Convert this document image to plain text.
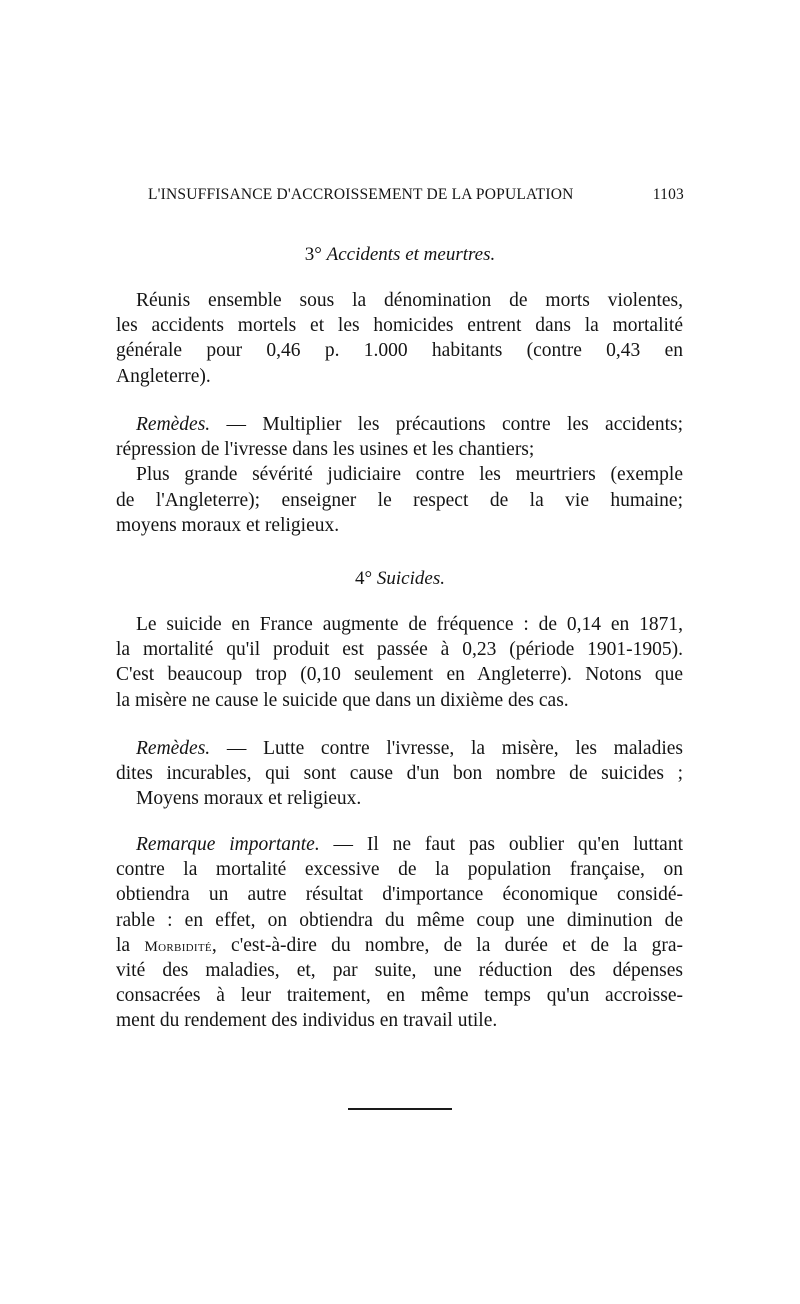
L'INSUFFISANCE D'ACCROISSEMENT DE LA POPULATION	1103
3° Accidents et meurtres.
Réunis ensemble sous la dénomination de morts violentes,
les accidents mortels et les homicides entrent dans la mortalité
générale pour 0,46 p. 1.000 habitants (contre 0,43 en
Angleterre).
Remèdes. — Multiplier les précautions contre les accidents;
répression de l'ivresse dans les usines et les chantiers;
Plus grande sévérité judiciaire contre les meurtriers (exemple
de l'Angleterre); enseigner le respect de la vie humaine;
moyens moraux et religieux.
4° Suicides.
Le suicide en France augmente de fréquence : de 0,14 en 1871,
la mortalité qu'il produit est passée à 0,23 (période 1901-1905).
C'est beaucoup trop (0,10 seulement en Angleterre). Notons que
la misère ne cause le suicide que dans un dixième des cas.
Remèdes. — Lutte contre l'ivresse, la misère, les maladies
dites incurables, qui sont cause d'un bon nombre de suicides ;
Moyens moraux et religieux.
Remarque importante. — Il ne faut pas oublier qu'en luttant
contre la mortalité excessive de la population française, on
obtiendra un autre résultat d'importance économique considé-
rable : en effet, on obtiendra du même coup une diminution de
la Morbidité, c'est-à-dire du nombre, de la durée et de la gra-
vité des maladies, et, par suite, une réduction des dépenses
consacrées à leur traitement, en même temps qu'un accroisse-
ment du rendement des individus en travail utile.
